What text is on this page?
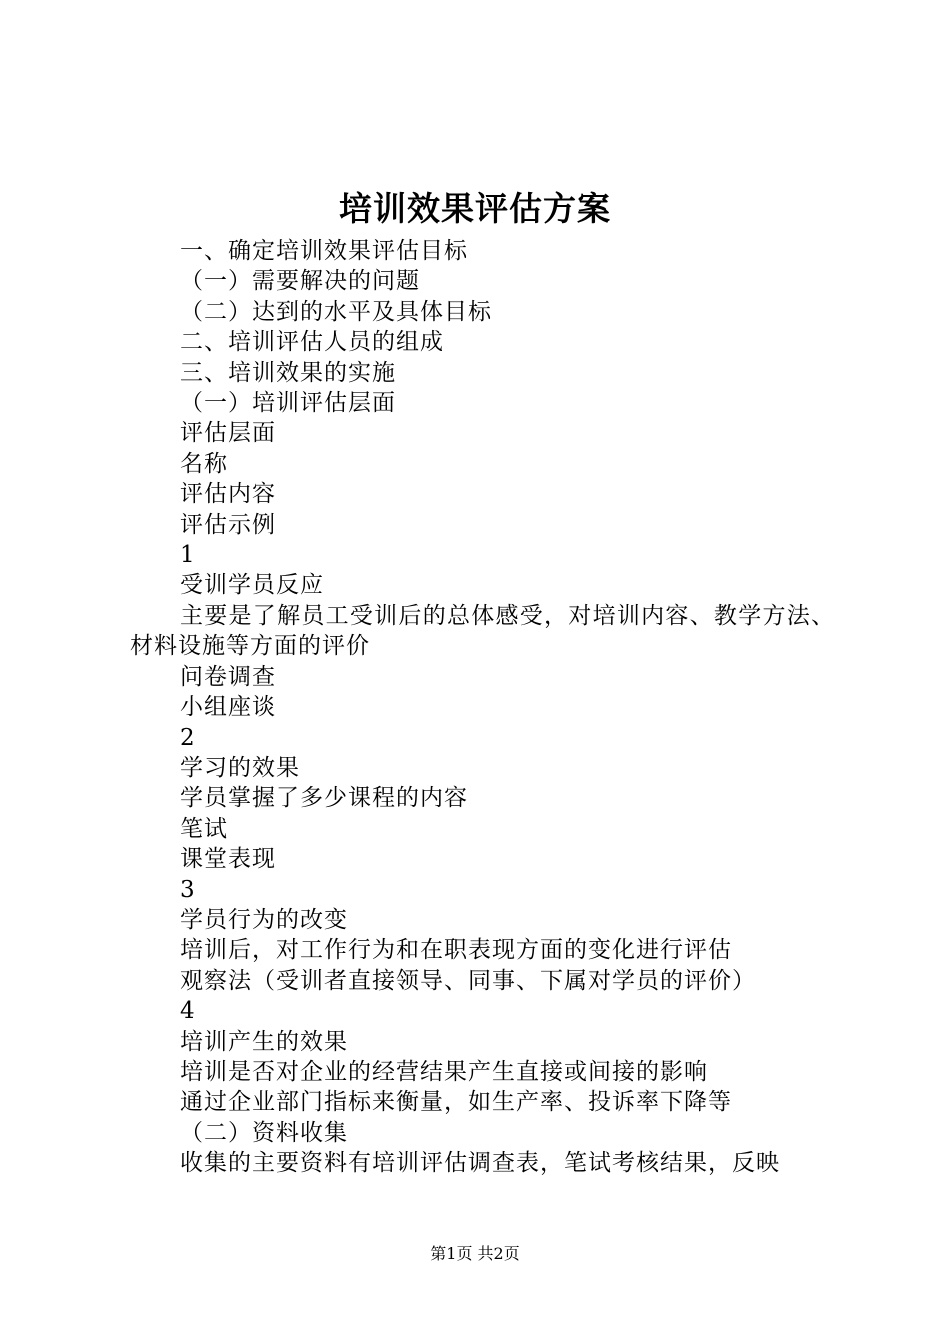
培训效果评估方案
一、确定培训效果评估目标
（一）需要解决的问题
（二）达到的水平及具体目标
二、培训评估人员的组成
三、培训效果的实施
（一）培训评估层面
评估层面
名称
评估内容
评估示例
1
受训学员反应
主要是了解员工受训后的总体感受，对培训内容、教学方法、材料设施等方面的评价
问卷调查
小组座谈
2
学习的效果
学员掌握了多少课程的内容
笔试
课堂表现
3
学员行为的改变
培训后，对工作行为和在职表现方面的变化进行评估
观察法（受训者直接领导、同事、下属对学员的评价）
4
培训产生的效果
培训是否对企业的经营结果产生直接或间接的影响
通过企业部门指标来衡量，如生产率、投诉率下降等
（二）资料收集
收集的主要资料有培训评估调查表，笔试考核结果，反映
第1页 共2页
